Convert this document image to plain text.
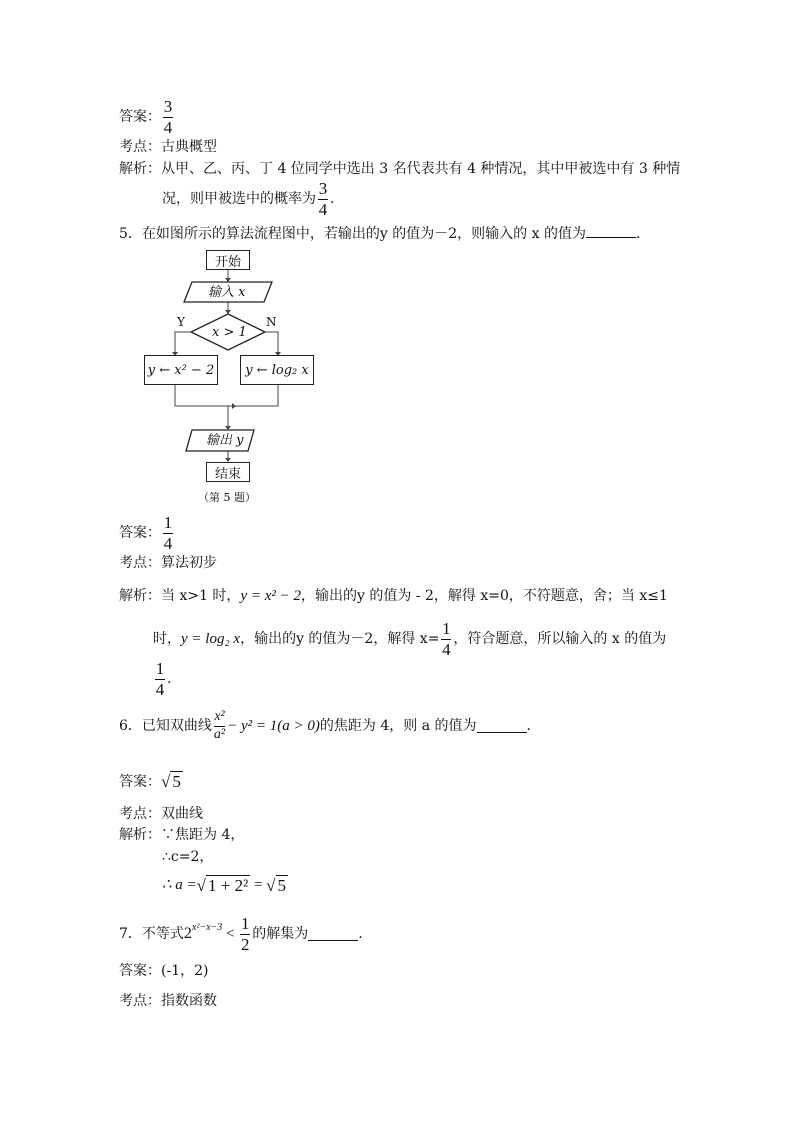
答案： $\frac{3}{4}$
考点：古典概型
解析：从甲、乙、丙、丁 4 位同学中选出 3 名代表共有 4 种情况，其中甲被选中有 3 种情
况，则甲被选中的概率为 $\frac{3}{4}$ .
5．在如图所示的算法流程图中，若输出的y 的值为－2，则输入的 x 的值为	.
开始
输入 x
x > 1
Y	N
y ← x² − 2 y ← log₂ x
输出 y
结束
（第 5 题）
答案： $\frac{1}{4}$
考点：算法初步
解析：当 x>1 时，y = x² − 2，输出的y 的值为 - 2，解得 x=0，不符题意，舍；当 x≤1
时， y = log₂ x ，输出的y 的值为－2，解得 $x= \frac{1}{4}$ ，符合题意，所以输入的 x 的值为
$\frac{1}{4}$ .
6．已知双曲线 $\frac{\text{x²}}{\text{a²}} - y^2 = 1(a > 0)$ 的焦距为 4，则 a 的值为	.
答案： √ 5
考点：双曲线
解析：∵焦距为 4，
∴c=2，
∴ a = √ 1 + 2² = √ 5
7．不等式 $2^{x^2-x-3} < \frac{1}{2}$ 的解集为	.
答案：(-1，2)
考点：指数函数
